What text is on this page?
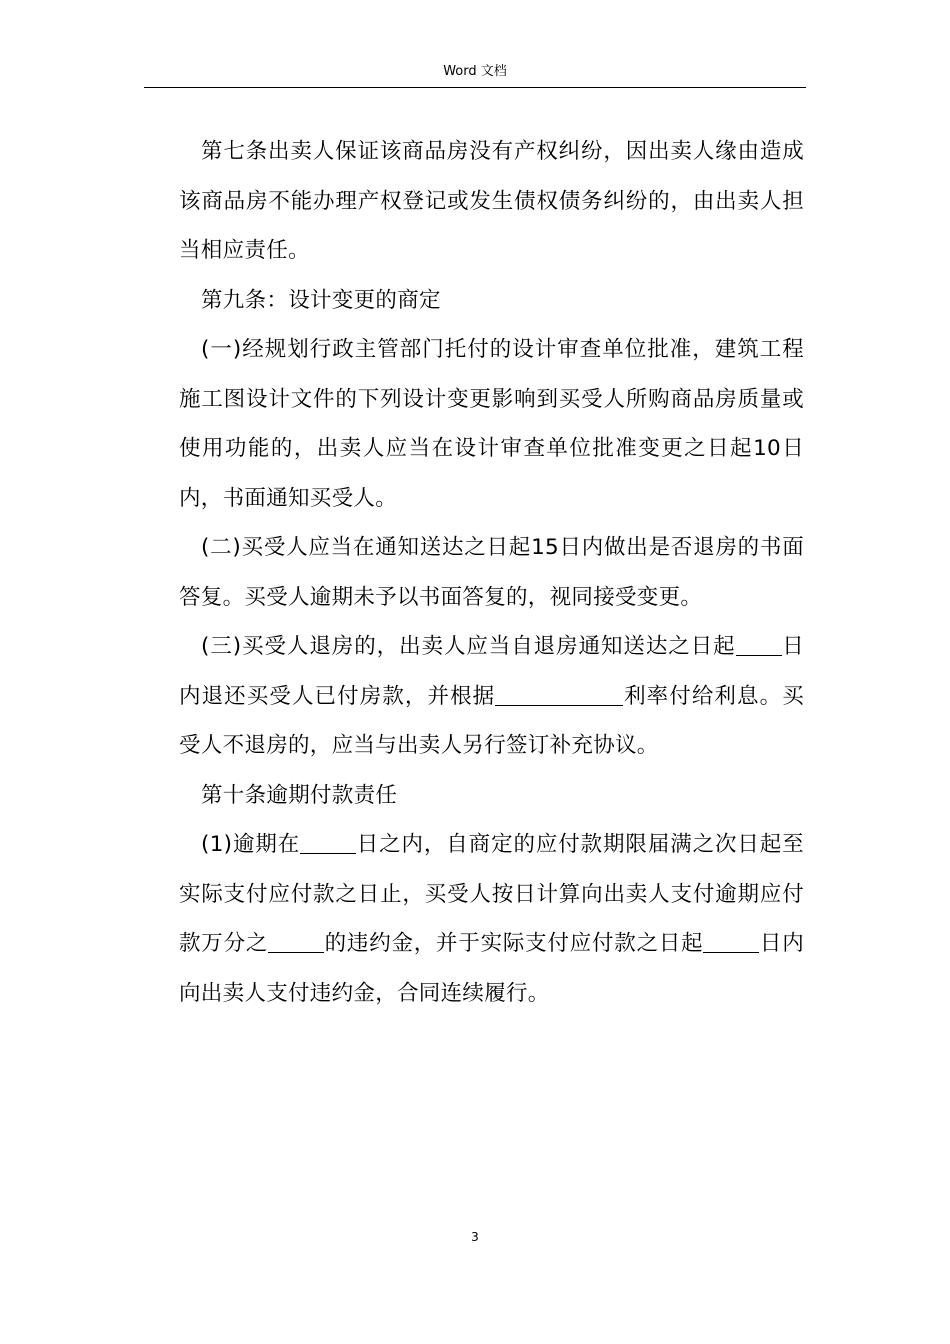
Word 文档

第七条出卖人保证该商品房没有产权纠纷，因出卖人缘由造成该商品房不能办理产权登记或发生债权债务纠纷的，由出卖人担当相应责任。

第九条：设计变更的商定

(一)经规划行政主管部门托付的设计审查单位批准，建筑工程施工图设计文件的下列设计变更影响到买受人所购商品房质量或使用功能的，出卖人应当在设计审查单位批准变更之日起10日内，书面通知买受人。

(二)买受人应当在通知送达之日起15日内做出是否退房的书面答复。买受人逾期未予以书面答复的，视同接受变更。

(三)买受人退房的，出卖人应当自退房通知送达之日起 日内退还买受人已付房款，并根据	利率付给利息。买受人不退房的，应当与出卖人另行签订补充协议。

第十条逾期付款责任

(1)逾期在	日之内，自商定的应付款期限届满之次日起至实际支付应付款之日止，买受人按日计算向出卖人支付逾期应付款万分之	的违约金，并于实际支付应付款之日起	日内向出卖人支付违约金，合同连续履行。

3
